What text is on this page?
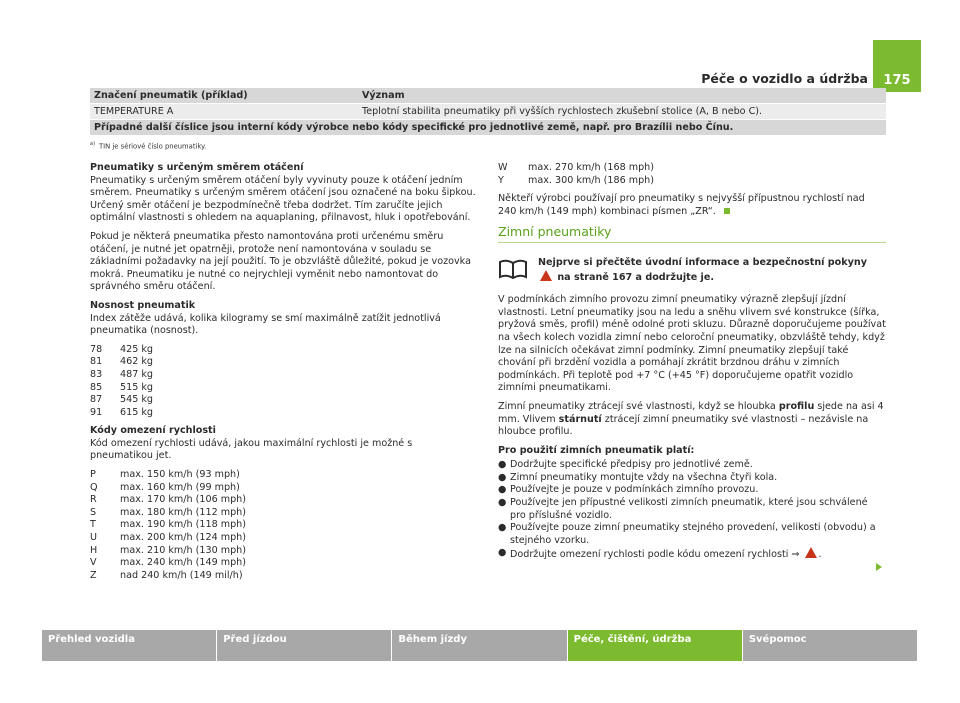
Péče o vozidlo a údržba	175
Značení pneumatik (příklad)	Význam
TEMPERATURE A	Teplotní stabilita pneumatiky při vyšších rychlostech zkušební stolice (A, B nebo C).
Případné další číslice jsou interní kódy výrobce nebo kódy specifické pro jednotlivé země, např. pro Brazílii nebo Čínu.
$^{a)}$ TIN je sériové číslo pneumatiky.

Pneumatiky s určeným směrem otáčení

Pneumatiky s určeným směrem otáčení byly vyvinuty pouze k otáčení jedním směrem. Pneumatiky s určeným směrem otáčení jsou označené na boku šipkou. Určený směr otáčení je bezpodmínečně třeba dodržet. Tím zaručíte jejich optimální vlastnosti s ohledem na aquaplaning, přilnavost, hluk i opotřebování.

Pokud je některá pneumatika přesto namontována proti určenému směru otáčení, je nutné jet opatrněji, protože není namontována v souladu se základními požadavky na její použití. To je obzvláště důležité, pokud je vozovka mokrá. Pneumatiku je nutné co nejrychleji vyměnit nebo namontovat do správného směru otáčení.

Nosnost pneumatik

Index zátěže udává, kolika kilogramy se smí maximálně zatížit jednotlivá pneumatika (nosnost).

78	425 kg
81	462 kg
83	487 kg
85	515 kg
87	545 kg
91	615 kg

Kódy omezení rychlosti

Kód omezení rychlosti udává, jakou maximální rychlosti je možné s pneumatikou jet.

P	max. 150 km/h (93 mph)
Q	max. 160 km/h (99 mph)
R	max. 170 km/h (106 mph)
S	max. 180 km/h (112 mph)
T	max. 190 km/h (118 mph)
U	max. 200 km/h (124 mph)
H	max. 210 km/h (130 mph)
V	max. 240 km/h (149 mph)
Z	nad 240 km/h (149 mil/h)
W	max. 270 km/h (168 mph)
Y	max. 300 km/h (186 mph)

Někteří výrobci používají pro pneumatiky s nejvyšší přípustnou rychlostí nad 240 km/h (149 mph) kombinaci písmen „ZR“.

Zimní pneumatiky
Nejprve si přečtěte úvodní informace a bezpečnostní pokyny  na straně 167 a dodržujte je.

V podmínkách zimního provozu zimní pneumatiky výrazně zlepšují jízdní vlastnosti. Letní pneumatiky jsou na ledu a sněhu vlivem své konstrukce (šířka, pryžová směs, profil) méně odolné proti skluzu. Důrazně doporučujeme používat na všech kolech vozidla zimní nebo celoroční pneumatiky, obzvláště tehdy, když lze na silnicích očekávat zimní podmínky. Zimní pneumatiky zlepšují také chování při brzdění vozidla a pomáhají zkrátit brzdnou dráhu v zimních podmínkách. Při teplotě pod +7 °C (+45 °F) doporučujeme opatřit vozidlo zimními pneumatikami.

Zimní pneumatiky ztrácejí své vlastnosti, když se hloubka profilu sjede na asi 4 mm. Vlivem stárnutí ztrácejí zimní pneumatiky své vlastnosti – nezávisle na hloubce profilu.

Pro použití zimních pneumatik platí:

● Dodržujte specifické předpisy pro jednotlivé země.
● Zimní pneumatiky montujte vždy na všechna čtyři kola.
● Používejte je pouze v podmínkách zimního provozu.
● Používejte jen přípustné velikosti zimních pneumatik, které jsou schválené pro příslušné vozidlo.
● Používejte pouze zimní pneumatiky stejného provedení, velikosti (obvodu) a stejného vzorku.
● Dodržujte omezení rychlosti podle kódu omezení rychlosti ⇒ .
Přehled vozidla	Před jízdou	Během jízdy	Péče, čištění, údržba	Svépomoc
